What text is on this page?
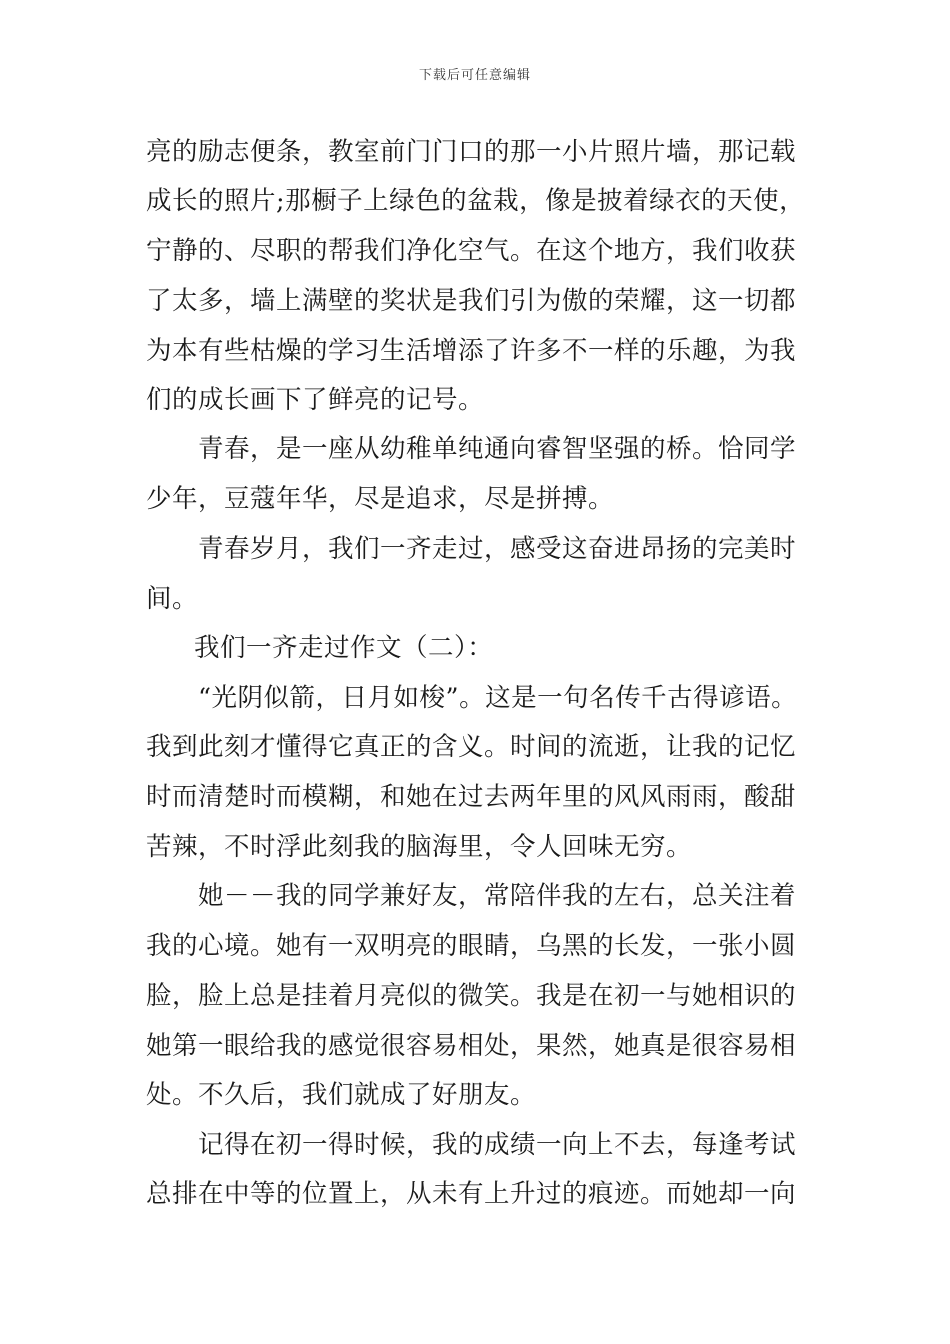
下载后可任意编辑
亮的励志便条，教室前门门口的那一小片照片墙，那记载
成长的照片;那橱子上绿色的盆栽，像是披着绿衣的天使，
宁静的、尽职的帮我们净化空气。在这个地方，我们收获
了太多，墙上满壁的奖状是我们引为傲的荣耀，这一切都
为本有些枯燥的学习生活增添了许多不一样的乐趣，为我
们的成长画下了鲜亮的记号。
青春，是一座从幼稚单纯通向睿智坚强的桥。恰同学
少年，豆蔻年华，尽是追求，尽是拼搏。
青春岁月，我们一齐走过，感受这奋进昂扬的完美时
间。
我们一齐走过作文（二）：
“光阴似箭，日月如梭”。这是一句名传千古得谚语。
我到此刻才懂得它真正的含义。时间的流逝，让我的记忆
时而清楚时而模糊，和她在过去两年里的风风雨雨，酸甜
苦辣，不时浮此刻我的脑海里，令人回味无穷。
她－－我的同学兼好友，常陪伴我的左右，总关注着
我的心境。她有一双明亮的眼睛，乌黑的长发，一张小圆
脸，脸上总是挂着月亮似的微笑。我是在初一与她相识的
她第一眼给我的感觉很容易相处，果然，她真是很容易相
处。不久后，我们就成了好朋友。
记得在初一得时候，我的成绩一向上不去，每逢考试
总排在中等的位置上，从未有上升过的痕迹。而她却一向
